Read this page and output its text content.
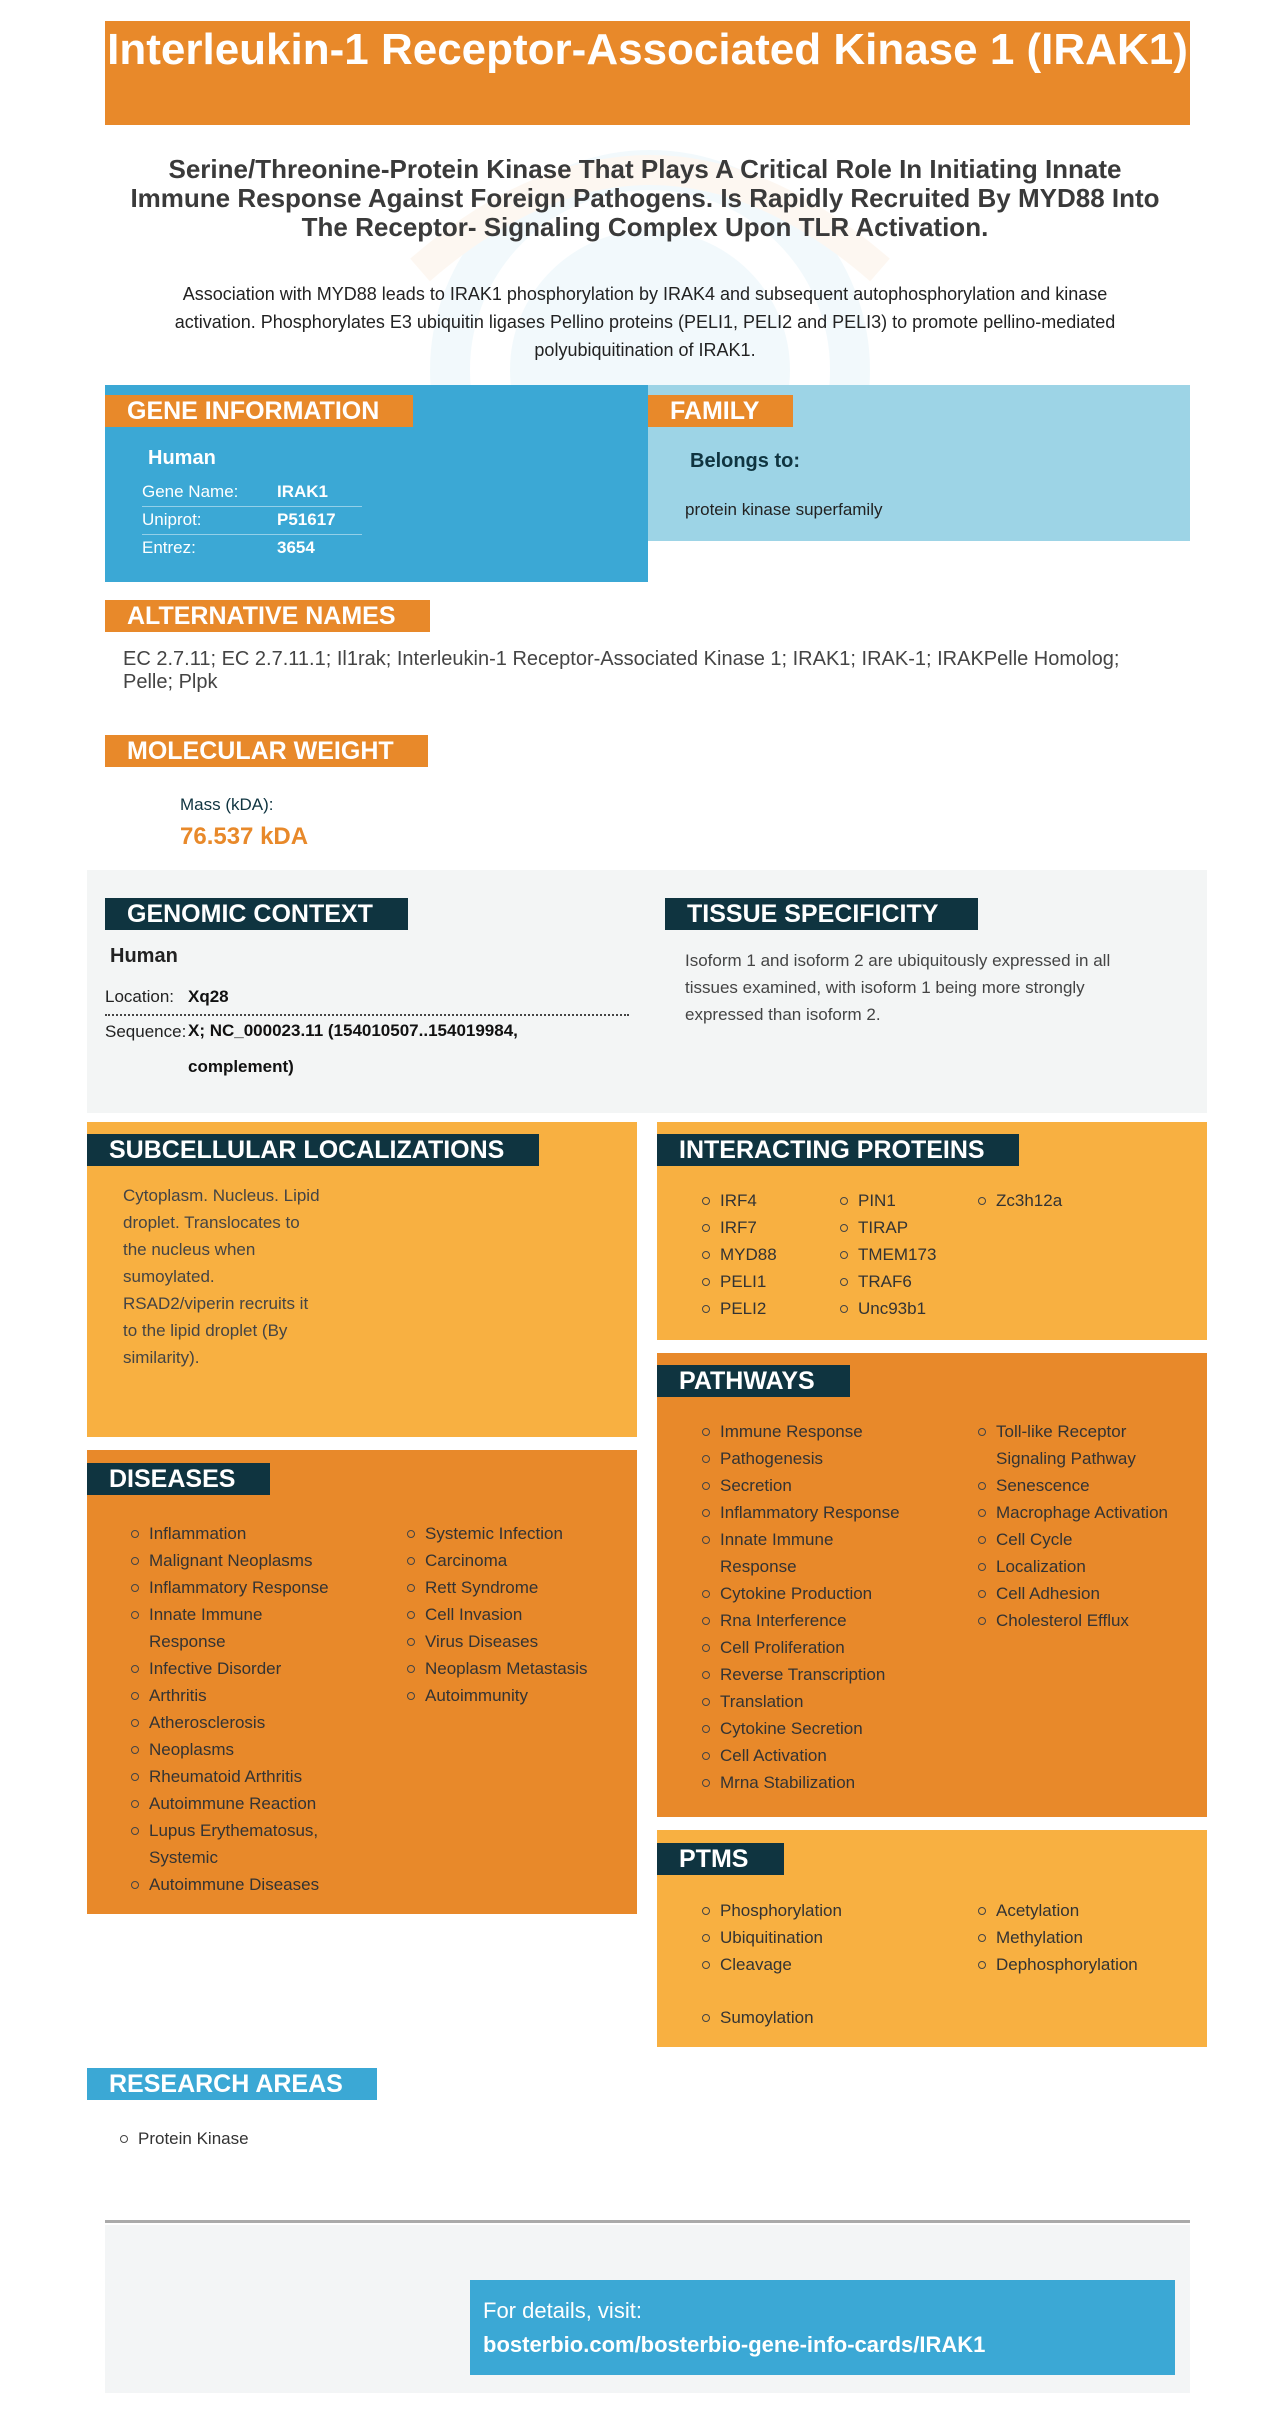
Interleukin-1 Receptor-Associated Kinase 1 (IRAK1)
Serine/Threonine-Protein Kinase That Plays A Critical Role In Initiating Innate Immune Response Against Foreign Pathogens. Is Rapidly Recruited By MYD88 Into The Receptor- Signaling Complex Upon TLR Activation.
Association with MYD88 leads to IRAK1 phosphorylation by IRAK4 and subsequent autophosphorylation and kinase activation. Phosphorylates E3 ubiquitin ligases Pellino proteins (PELI1, PELI2 and PELI3) to promote pellino-mediated polyubiquitination of IRAK1.
Human
Gene Name: IRAK1
Uniprot:	P51617
Entrez:	3654
GENE INFORMATION	FAMILY
Belongs to:
protein kinase superfamily
ALTERNATIVE NAMES
EC 2.7.11; EC 2.7.11.1; Il1rak; Interleukin-1 Receptor-Associated Kinase 1; IRAK1; IRAK-1; IRAKPelle Homolog; Pelle; Plpk
MOLECULAR WEIGHT
Mass (kDA):
76.537 kDA
GENOMIC CONTEXT
Human
Location: Xq28
Sequence: X; NC_000023.11 (154010507..154019984, complement)
TISSUE SPECIFICITY
Isoform 1 and isoform 2 are ubiquitously expressed in all tissues examined, with isoform 1 being more strongly expressed than isoform 2.
SUBCELLULAR LOCALIZATIONS
Cytoplasm. Nucleus. Lipid droplet. Translocates to the nucleus when sumoylated. RSAD2/viperin recruits it to the lipid droplet (By similarity).
INTERACTING PROTEINS
IRF4
IRF7
MYD88
PELI1
PELI2
PIN1
TIRAP
TMEM173
TRAF6
Unc93b1
Zc3h12a
PATHWAYS
Immune Response
Pathogenesis
Secretion
Inflammatory Response
Innate Immune Response
Cytokine Production
Rna Interference
Cell Proliferation
Reverse Transcription
Translation
Cytokine Secretion
Cell Activation
Mrna Stabilization
Toll-like Receptor Signaling Pathway
Senescence
Macrophage Activation
Cell Cycle
Localization
Cell Adhesion
Cholesterol Efflux
DISEASES
Inflammation
Malignant Neoplasms
Inflammatory Response
Innate Immune Response
Infective Disorder
Arthritis
Atherosclerosis
Neoplasms
Rheumatoid Arthritis
Autoimmune Reaction
Lupus Erythematosus, Systemic
Autoimmune Diseases
Systemic Infection
Carcinoma
Rett Syndrome
Cell Invasion
Virus Diseases
Neoplasm Metastasis
Autoimmunity
PTMS
Phosphorylation
Ubiquitination
Cleavage
Acetylation
Methylation
Dephosphorylation
Sumoylation
RESEARCH AREAS
Protein Kinase
For details, visit:
bosterbio.com/bosterbio-gene-info-cards/IRAK1
